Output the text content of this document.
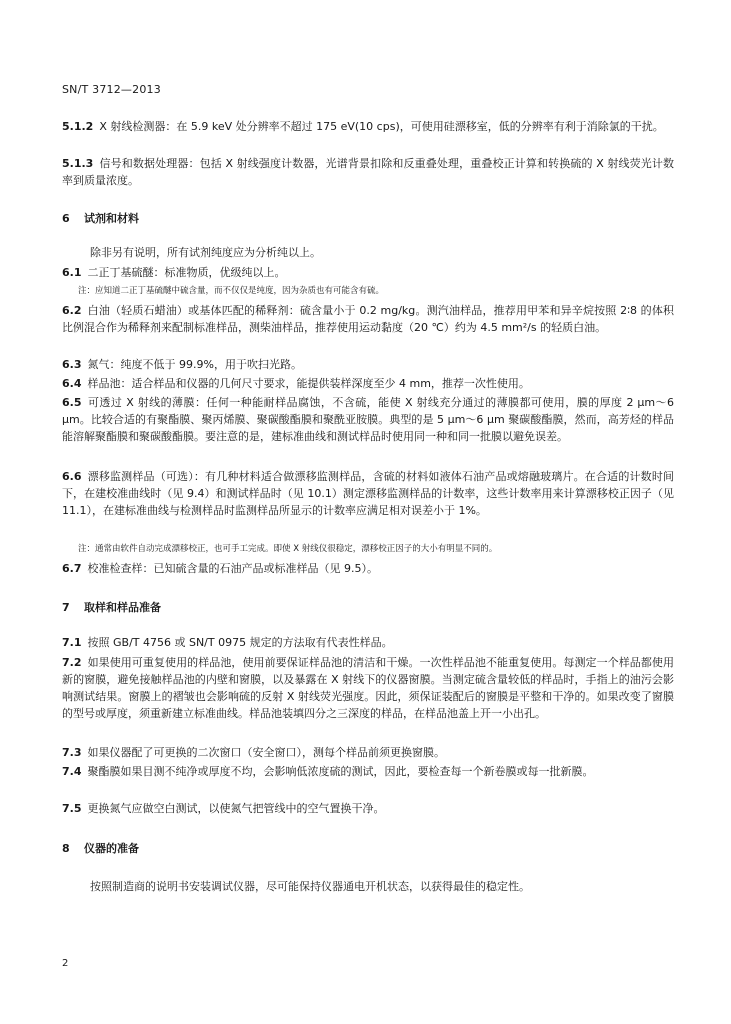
SN/T 3712—2013
5.1.2 X 射线检测器：在 5.9 keV 处分辨率不超过 175 eV(10 cps)，可使用硅漂移室，低的分辨率有利于消除氯的干扰。
5.1.3 信号和数据处理器：包括 X 射线强度计数器，光谱背景扣除和反重叠处理，重叠校正计算和转换硫的 X 射线荧光计数率到质量浓度。
6 试剂和材料
除非另有说明，所有试剂纯度应为分析纯以上。
6.1 二正丁基硫醚：标准物质，优级纯以上。
注：应知道二正丁基硫醚中硫含量，而不仅仅是纯度，因为杂质也有可能含有硫。
6.2 白油（轻质石蜡油）或基体匹配的稀释剂：硫含量小于 0.2 mg/kg。测汽油样品，推荐用甲苯和异辛烷按照 2∶8 的体积比例混合作为稀释剂来配制标准样品，测柴油样品，推荐使用运动黏度（20 ℃）约为 4.5 mm²/s 的轻质白油。
6.3 氮气：纯度不低于 99.9%，用于吹扫光路。
6.4 样品池：适合样品和仪器的几何尺寸要求，能提供装样深度至少 4 mm，推荐一次性使用。
6.5 可透过 X 射线的薄膜：任何一种能耐样品腐蚀，不含硫，能使 X 射线充分通过的薄膜都可使用，膜的厚度 2 μm～6 μm。比较合适的有聚酯膜、聚丙烯膜、聚碳酸酯膜和聚酰亚胺膜。典型的是 5 μm～6 μm 聚碳酸酯膜，然而，高芳烃的样品能溶解聚酯膜和聚碳酸酯膜。要注意的是，建标准曲线和测试样品时使用同一种和同一批膜以避免误差。
6.6 漂移监测样品（可选）：有几种材料适合做漂移监测样品，含硫的材料如液体石油产品或熔融玻璃片。在合适的计数时间下，在建校准曲线时（见 9.4）和测试样品时（见 10.1）测定漂移监测样品的计数率，这些计数率用来计算漂移校正因子（见 11.1），在建标准曲线与检测样品时监测样品所显示的计数率应满足相对误差小于 1%。
注：通常由软件自动完成漂移校正，也可手工完成。即使 X 射线仪很稳定，漂移校正因子的大小有明显不同的。
6.7 校准检查样：已知硫含量的石油产品或标准样品（见 9.5）。
7 取样和样品准备
7.1 按照 GB/T 4756 或 SN/T 0975 规定的方法取有代表性样品。
7.2 如果使用可重复使用的样品池，使用前要保证样品池的清洁和干燥。一次性样品池不能重复使用。每测定一个样品都使用新的窗膜，避免接触样品池的内壁和窗膜，以及暴露在 X 射线下的仪器窗膜。当测定硫含量较低的样品时，手指上的油污会影响测试结果。窗膜上的褶皱也会影响硫的反射 X 射线荧光强度。因此，须保证装配后的窗膜是平整和干净的。如果改变了窗膜的型号或厚度，须重新建立标准曲线。样品池装填四分之三深度的样品，在样品池盖上开一小出孔。
7.3 如果仪器配了可更换的二次窗口（安全窗口），测每个样品前须更换窗膜。
7.4 聚酯膜如果目测不纯净或厚度不均，会影响低浓度硫的测试，因此，要检查每一个新卷膜或每一批新膜。
7.5 更换氮气应做空白测试，以使氮气把管线中的空气置换干净。
8 仪器的准备
按照制造商的说明书安装调试仪器，尽可能保持仪器通电开机状态，以获得最佳的稳定性。
2
